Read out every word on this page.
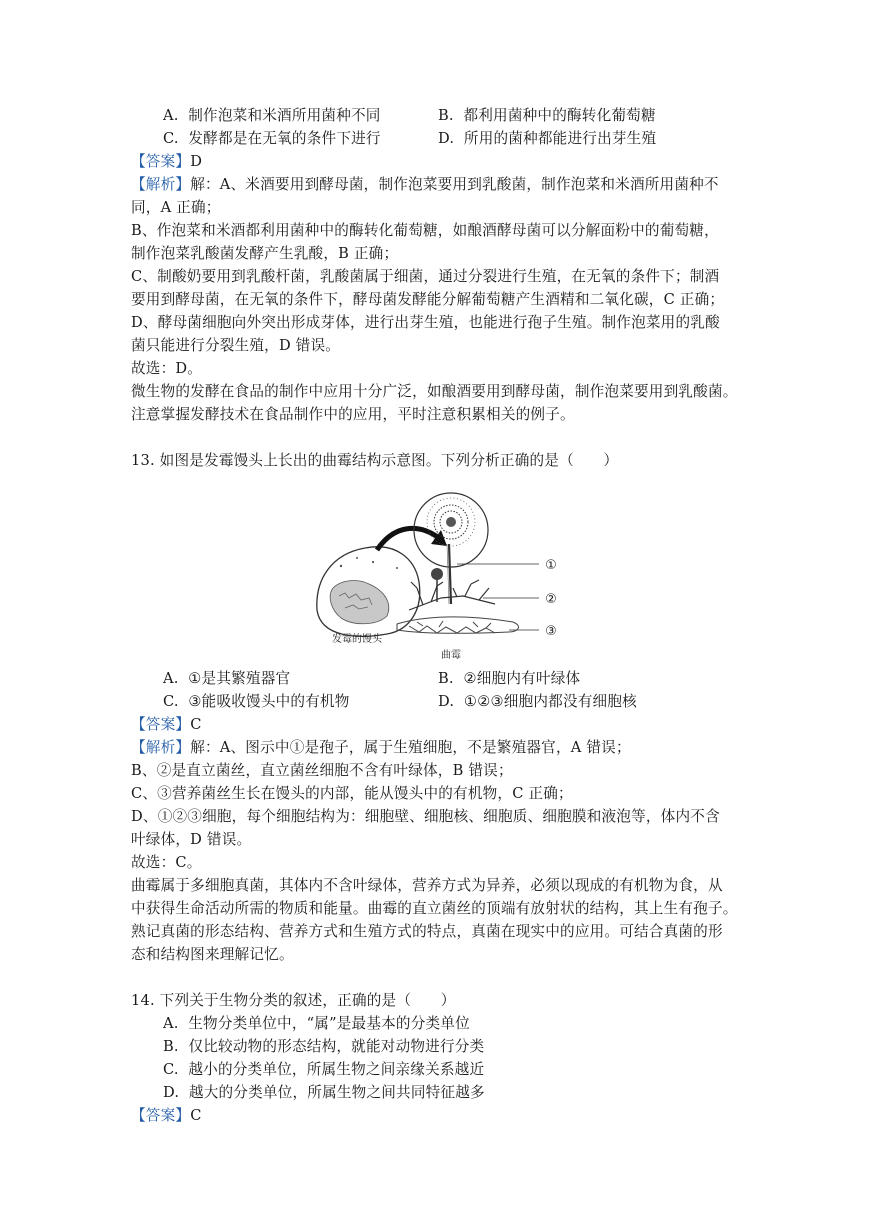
A. 制作泡菜和米酒所用菌种不同	B. 都利用菌种中的酶转化葡萄糖
C. 发酵都是在无氧的条件下进行	D. 所用的菌种都能进行出芽生殖
【答案】D
【解析】解：A、米酒要用到酵母菌，制作泡菜要用到乳酸菌，制作泡菜和米酒所用菌种不
同，A 正确；
B、作泡菜和米酒都利用菌种中的酶转化葡萄糖，如酿酒酵母菌可以分解面粉中的葡萄糖，
制作泡菜乳酸菌发酵产生乳酸，B 正确；
C、制酸奶要用到乳酸杆菌，乳酸菌属于细菌，通过分裂进行生殖，在无氧的条件下；制酒
要用到酵母菌，在无氧的条件下，酵母菌发酵能分解葡萄糖产生酒精和二氧化碳，C 正确；
D、酵母菌细胞向外突出形成芽体，进行出芽生殖，也能进行孢子生殖。制作泡菜用的乳酸
菌只能进行分裂生殖，D 错误。
故选：D。
微生物的发酵在食品的制作中应用十分广泛，如酿酒要用到酵母菌，制作泡菜要用到乳酸菌。
注意掌握发酵技术在食品制作中的应用，平时注意积累相关的例子。
13. 如图是发霉馒头上长出的曲霉结构示意图。下列分析正确的是（　　）
①
②
③
发霉的馒头
曲霉
A. ①是其繁殖器官	B. ②细胞内有叶绿体
C. ③能吸收馒头中的有机物	D. ①②③细胞内都没有细胞核
【答案】C
【解析】解：A、图示中①是孢子，属于生殖细胞，不是繁殖器官，A 错误；
B、②是直立菌丝，直立菌丝细胞不含有叶绿体，B 错误；
C、③营养菌丝生长在馒头的内部，能从馒头中的有机物，C 正确；
D、①②③细胞，每个细胞结构为：细胞壁、细胞核、细胞质、细胞膜和液泡等，体内不含
叶绿体，D 错误。
故选：C。
曲霉属于多细胞真菌，其体内不含叶绿体，营养方式为异养，必须以现成的有机物为食，从
中获得生命活动所需的物质和能量。曲霉的直立菌丝的顶端有放射状的结构，其上生有孢子。
熟记真菌的形态结构、营养方式和生殖方式的特点，真菌在现实中的应用。可结合真菌的形
态和结构图来理解记忆。
14. 下列关于生物分类的叙述，正确的是（　　）
A. 生物分类单位中，“属”是最基本的分类单位
B. 仅比较动物的形态结构，就能对动物进行分类
C. 越小的分类单位，所属生物之间亲缘关系越近
D. 越大的分类单位，所属生物之间共同特征越多
【答案】C
